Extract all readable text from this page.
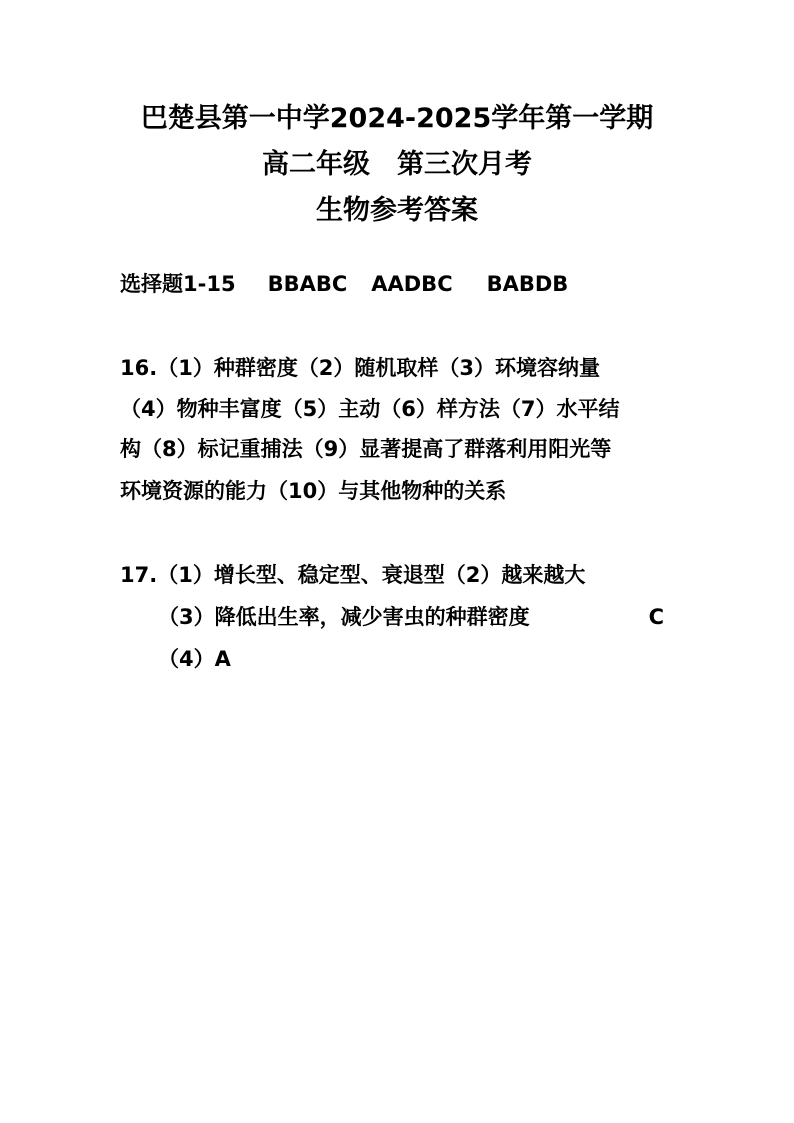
巴楚县第一中学2024-2025学年第一学期
高二年级　第三次月考
生物参考答案
选择题1-15 BBABC AADBC BABDB
16.（1）种群密度（2）随机取样（3）环境容纳量
（4）物种丰富度（5）主动（6）样方法（7）水平结
构（8）标记重捕法（9）显著提高了群落利用阳光等
环境资源的能力（10）与其他物种的关系
17.（1）增长型、稳定型、衰退型（2）越来越大
（3）降低出生率，减少害虫的种群密度	C
（4）A
